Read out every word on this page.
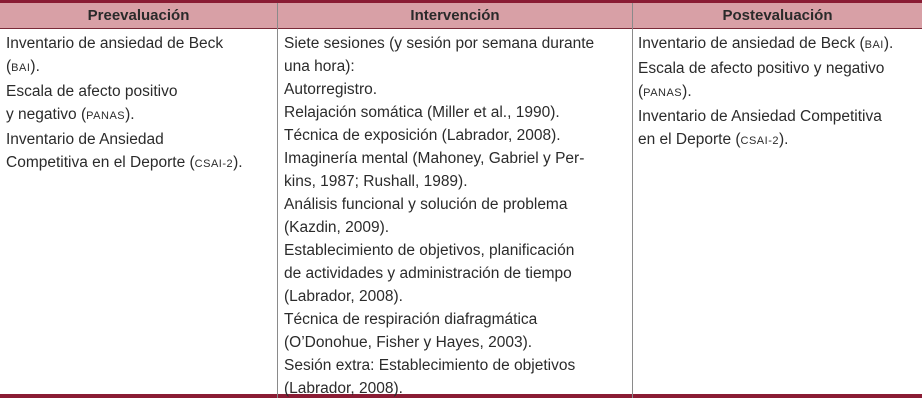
Preevaluación	Intervención	Postevaluación
Inventario de ansiedad de Beck
(BAI).
Escala de afecto positivo
y negativo (PANAS).
Inventario de Ansiedad
Competitiva en el Deporte (CSAI-2).
Siete sesiones (y sesión por semana durante
una hora):
Autorregistro.
Relajación somática (Miller et al., 1990).
Técnica de exposición (Labrador, 2008).
Imaginería mental (Mahoney, Gabriel y Per-
kins, 1987; Rushall, 1989).
Análisis funcional y solución de problema
(Kazdin, 2009).
Establecimiento de objetivos, planificación
de actividades y administración de tiempo
(Labrador, 2008).
Técnica de respiración diafragmática
(O’Donohue, Fisher y Hayes, 2003).
Sesión extra: Establecimiento de objetivos
(Labrador, 2008).
Inventario de ansiedad de Beck (BAI).
Escala de afecto positivo y negativo
(PANAS).
Inventario de Ansiedad Competitiva
en el Deporte (CSAI-2).
